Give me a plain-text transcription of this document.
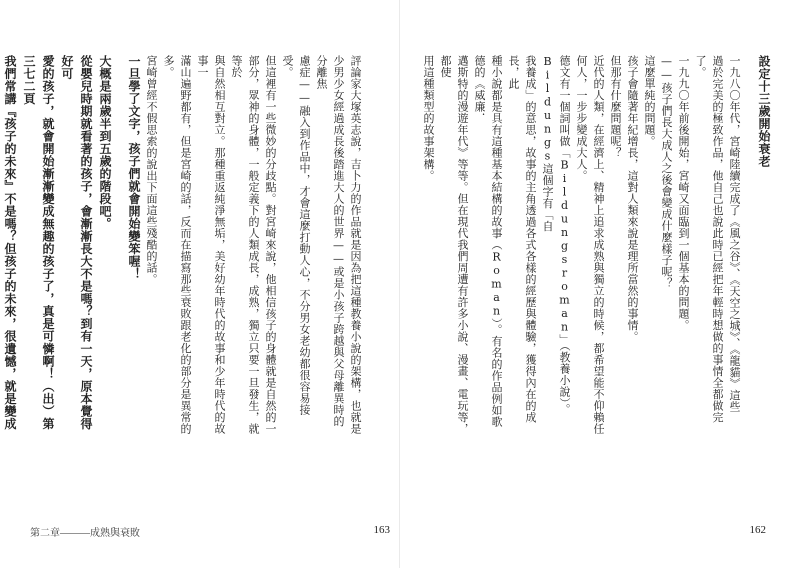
評論家大塚英志說，吉卜力的作品就是因為把這種教養小說的架構，也就是

少男少女經過成長後踏進大人的世界——或是小孩子跨越與父母離異時的分離焦

慮症——融入到作品中，才會這麼打動人心，不分男女老幼都很容易接受。

但這裡有一些微妙的分歧點。對宮崎來說，他相信孩子的身體就是自然的一

部分，眾神的身體，一般定義下的人類成長，成熟，獨立只要一旦發生，就等於

與自然相互對立。那種重返純淨無垢，美好幼年時代的故事和少年時代的故事一

滿山遍野都有，但是宮崎的話，反而在描寫那些衰敗跟老化的部分是異常的多。

宮崎曾經不假思索的說出下面這些殘酷的話。

一旦學了文字，孩子們就會開始變笨喔！

大概是兩歲半到五歲的階段吧。

從嬰兒時期就看著的孩子，會漸漸長大不是嗎？到有一天，原本覺得好可

愛的孩子，就會開始漸漸變成無趣的孩子了，真是可憐啊！（出）第三七二頁

我們常講『孩子的未來』不是嗎？但孩子的未來，很遺憾，就是變成

第二章———成熟與衰敗	163

設定十三歲開始衰老

一九八〇年代，宮崎陸續完成了《風之谷》、《天空之城》、《龍貓》這些

過於完美的極致作品，他自己也說此時已經把年輕時想做的事情全都做完了。

一九九〇年前後開始，宮崎又面臨到一個基本的問題。

——孩子們長大成人之後會變成什麼樣子呢？

這麼單純的問題。

孩子會隨著年紀增長，這對人類來說是理所當然的事情。

但那有什麼問題呢？

近代的人類，在經濟上、精神上追求成熟與獨立的時候，都希望能不仰賴任

何人，一步步變成大人。

德文有一個詞叫做「Bildungsroman」（教養小說）。Bildungs這個字有「自

我養成」的意思，故事的主角透過各式各樣的經歷與體驗，獲得內在的成長，此

種小說都是具有這種基本結構的故事（Roman）。有名的作品例如歌德的《威廉．

邁斯特的漫遊年代》等等。但在現代我們周遭有許多小說、漫畫、電玩等，都使

用這種類型的故事架構。

162
